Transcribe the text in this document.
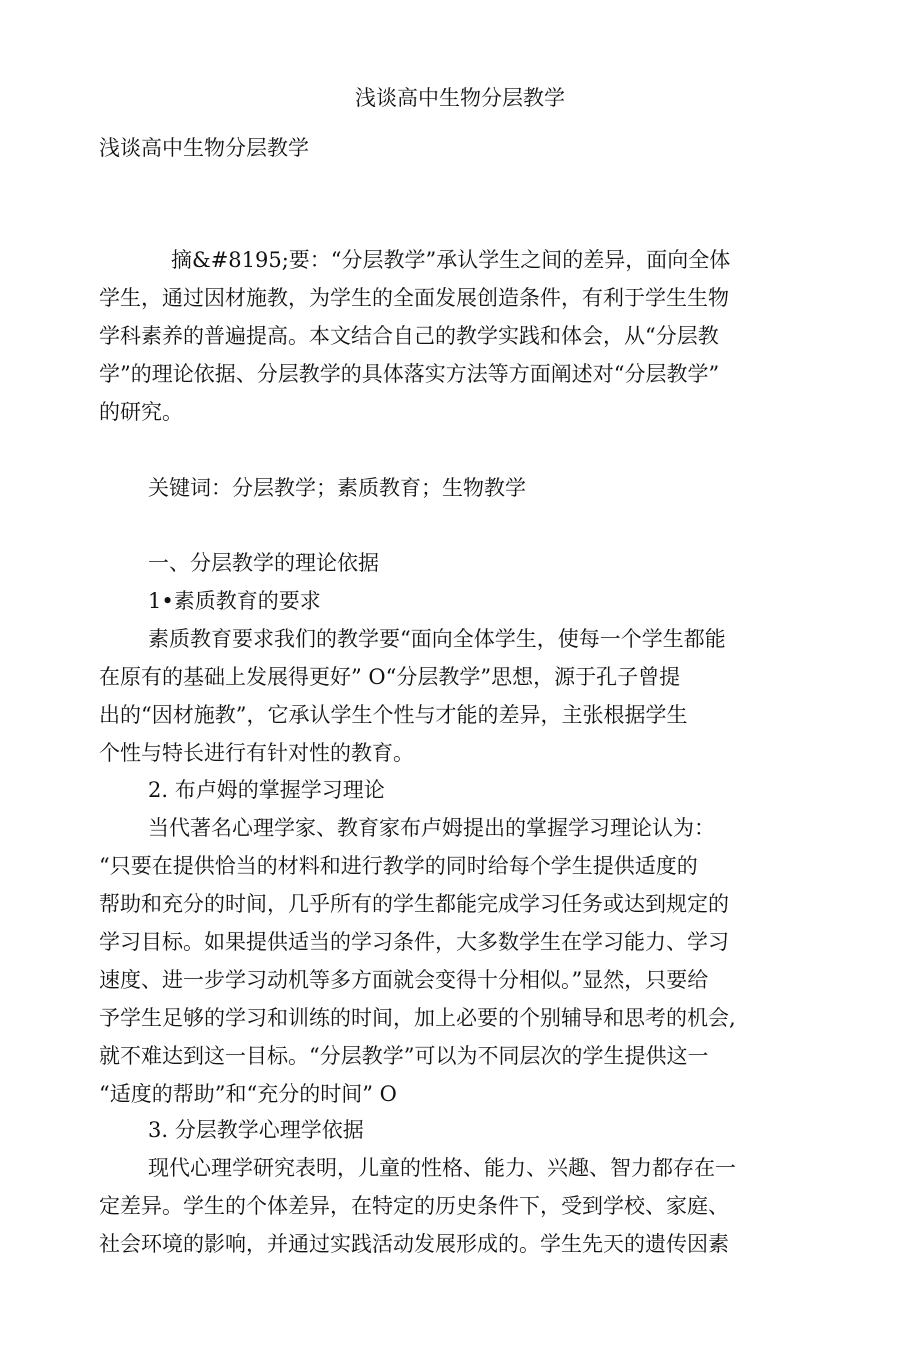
浅谈高中生物分层教学
浅谈高中生物分层教学
摘&#8195;要：“分层教学”承认学生之间的差异，面向全体
学生，通过因材施教，为学生的全面发展创造条件，有利于学生生物
学科素养的普遍提高。本文结合自己的教学实践和体会，从“分层教
学”的理论依据、分层教学的具体落实方法等方面阐述对“分层教学”
的研究。
关键词：分层教学；素质教育；生物教学
一、分层教学的理论依据
1•素质教育的要求
素质教育要求我们的教学要“面向全体学生，使每一个学生都能
在原有的基础上发展得更好” O“分层教学”思想，源于孔子曾提
出的“因材施教”，它承认学生个性与才能的差异，主张根据学生
个性与特长进行有针对性的教育。
2. 布卢姆的掌握学习理论
当代著名心理学家、教育家布卢姆提出的掌握学习理论认为：
“只要在提供恰当的材料和进行教学的同时给每个学生提供适度的
帮助和充分的时间，几乎所有的学生都能完成学习任务或达到规定的
学习目标。如果提供适当的学习条件，大多数学生在学习能力、学习
速度、进一步学习动机等多方面就会变得十分相似。”显然，只要给
予学生足够的学习和训练的时间，加上必要的个别辅导和思考的机会,
就不难达到这一目标。“分层教学”可以为不同层次的学生提供这一
“适度的帮助”和“充分的时间” O
3. 分层教学心理学依据
现代心理学研究表明，儿童的性格、能力、兴趣、智力都存在一
定差异。学生的个体差异，在特定的历史条件下，受到学校、家庭、
社会环境的影响，并通过实践活动发展形成的。学生先天的遗传因素
